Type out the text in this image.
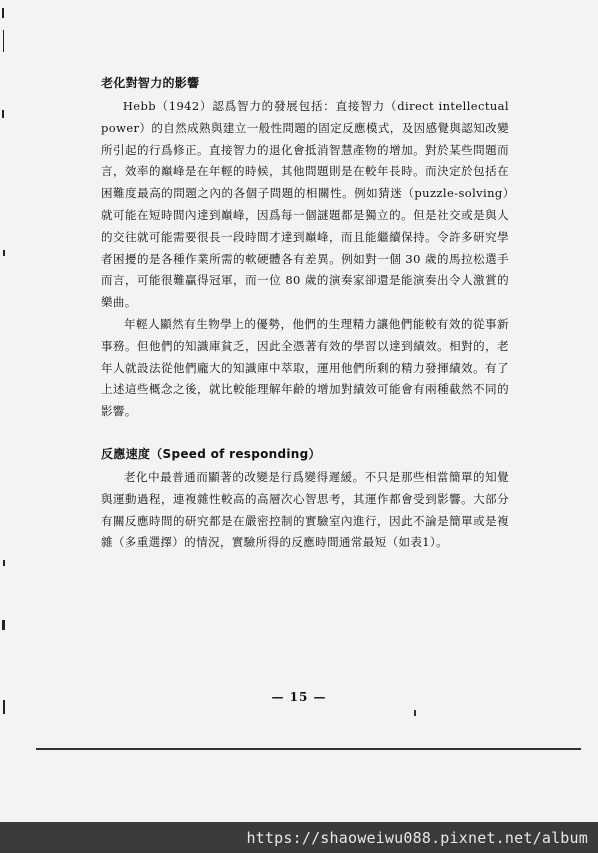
老化對智力的影響

Hebb（1942）認爲智力的發展包括：直接智力（direct intellectual power）的自然成熟與建立一般性問題的固定反應模式，及因感覺與認知改變所引起的行爲修正。直接智力的退化會抵消智慧產物的增加。對於某些問題而言，效率的巔峰是在年輕的時候，其他問題則是在較年長時。而決定於包括在困難度最高的問題之內的各個子問題的相關性。例如猜迷（puzzle-solving）就可能在短時間內達到巔峰，因爲每一個謎題都是獨立的。但是社交或是與人的交往就可能需要很長一段時間才達到巔峰，而且能繼續保持。令許多研究學者困擾的是各種作業所需的軟硬體各有差異。例如對一個 30 歲的馬拉松選手而言，可能很難贏得冠軍，而一位 80 歲的演奏家卻還是能演奏出令人激賞的樂曲。

年輕人顯然有生物學上的優勢，他們的生理精力讓他們能較有效的從事新事務。但他們的知識庫貧乏，因此全憑著有效的學習以達到績效。相對的，老年人就設法從他們龐大的知識庫中萃取，運用他們所剩的精力發揮績效。有了上述這些概念之後，就比較能理解年齡的增加對績效可能會有兩種截然不同的影響。

反應速度（Speed of responding）

老化中最普通而顯著的改變是行爲變得遲緩。不只是那些相當簡單的知覺與運動過程，連複雜性較高的高層次心智思考，其運作都會受到影響。大部分有關反應時間的研究都是在嚴密控制的實驗室內進行，因此不論是簡單或是複雜（多重選擇）的情況，實驗所得的反應時間通常最短（如表1）。

— 15 —
https://shaoweiwu088.pixnet.net/album
